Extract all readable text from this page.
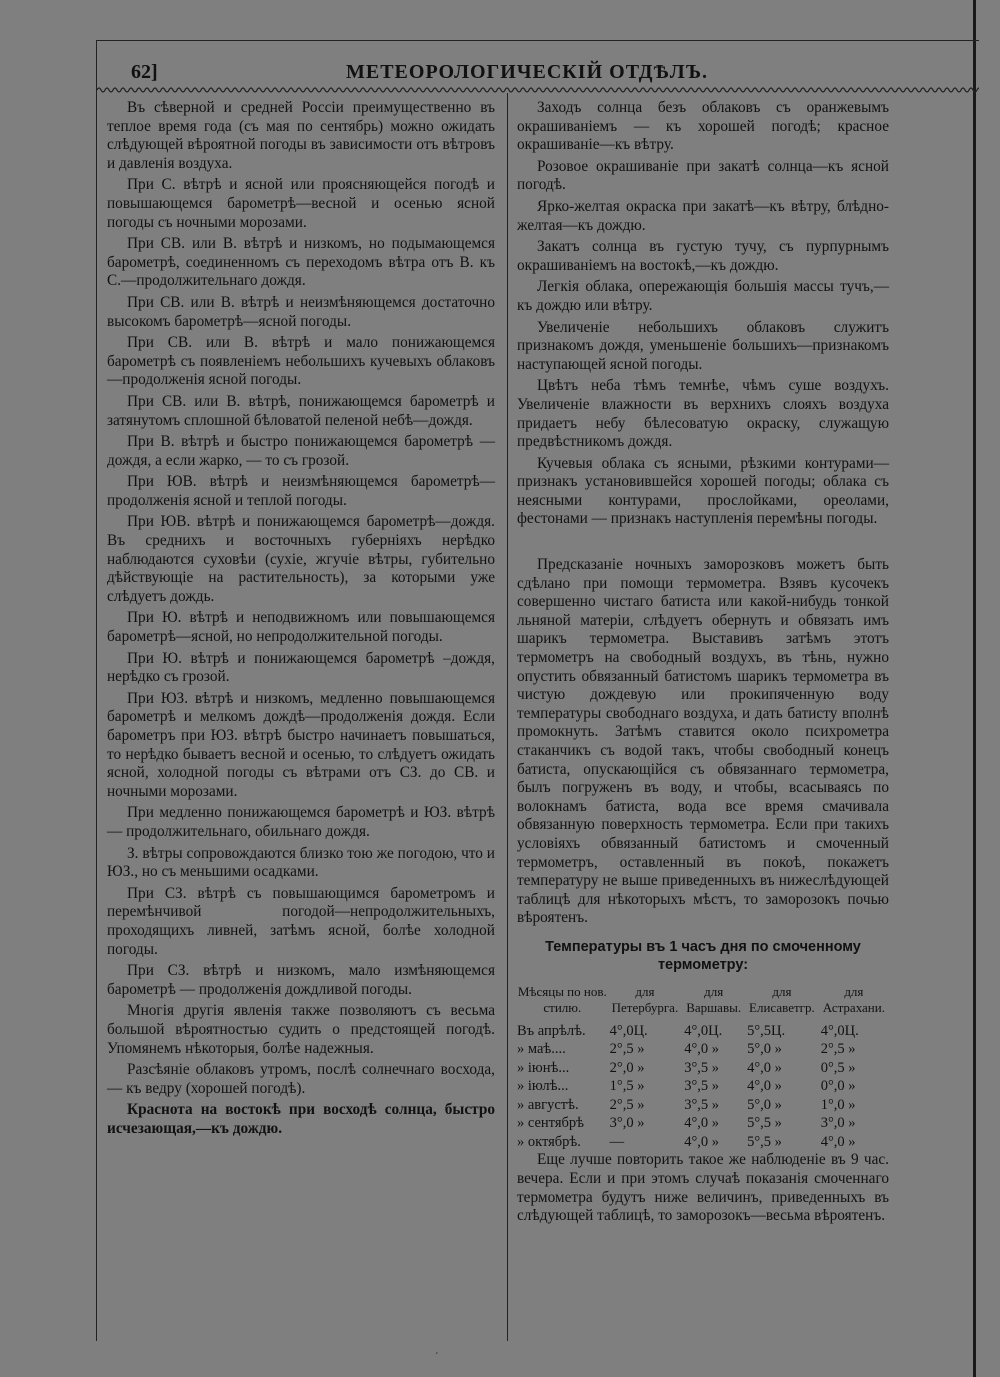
62]	МЕТЕОРОЛОГИЧЕСКІЙ ОТДѢЛЪ.

Въ сѣверной и средней Россіи преимущественно въ теплое время года (съ мая по сентябрь) можно ожидать слѣдующей вѣроятной погоды въ зависимости отъ вѣтровъ и давленія воздуха.

При С. вѣтрѣ и ясной или проясняющейся погодѣ и повышающемся барометрѣ—весной и осенью ясной погоды съ ночными морозами.

При СВ. или В. вѣтрѣ и низкомъ, но подымающемся барометрѣ, соединенномъ съ переходомъ вѣтра отъ В. къ С.—продолжительнаго дождя.

При СВ. или В. вѣтрѣ и неизмѣняющемся достаточно высокомъ барометрѣ—ясной погоды.

При СВ. или В. вѣтрѣ и мало понижающемся барометрѣ съ появленіемъ небольшихъ кучевыхъ облаковъ—продолженія ясной погоды.

При СВ. или В. вѣтрѣ, понижающемся барометрѣ и затянутомъ сплошной бѣловатой пеленой небѣ—дождя.

При В. вѣтрѣ и быстро понижающемся барометрѣ — дождя, а если жарко, — то съ грозой.

При ЮВ. вѣтрѣ и неизмѣняющемся барометрѣ—продолженія ясной и теплой погоды.

При ЮВ. вѣтрѣ и понижающемся барометрѣ—дождя. Въ среднихъ и восточныхъ губерніяхъ нерѣдко наблюдаются суховѣи (сухіе, жгучіе вѣтры, губительно дѣйствующіе на растительность), за которыми уже слѣдуетъ дождь.

При Ю. вѣтрѣ и неподвижномъ или повышающемся барометрѣ—ясной, но непродолжительной погоды.

При Ю. вѣтрѣ и понижающемся барометрѣ –дождя, нерѣдко съ грозой.

При ЮЗ. вѣтрѣ и низкомъ, медленно повышающемся барометрѣ и мелкомъ дождѣ—продолженія дождя. Если барометръ при ЮЗ. вѣтрѣ быстро начинаетъ повышаться, то нерѣдко бываетъ весной и осенью, то слѣдуетъ ожидать ясной, холодной погоды съ вѣтрами отъ СЗ. до СВ. и ночными морозами.

При медленно понижающемся барометрѣ и ЮЗ. вѣтрѣ — продолжительнаго, обильнаго дождя.

З. вѣтры сопровождаются близко тою же погодою, что и ЮЗ., но съ меньшими осадками.

При СЗ. вѣтрѣ съ повышающимся барометромъ и перемѣнчивой погодой—непродолжительныхъ, проходящихъ ливней, затѣмъ ясной, болѣе холодной погоды.

При СЗ. вѣтрѣ и низкомъ, мало измѣняющемся барометрѣ — продолженія дождливой погоды.

Многія другія явленія также позволяютъ съ весьма большой вѣроятностью судить о предстоящей погодѣ. Упомянемъ нѣкоторыя, болѣе надежныя.

Разсѣяніе облаковъ утромъ, послѣ солнечнаго восхода, — къ ведру (хорошей погодѣ).

Краснота на востокѣ при восходѣ солнца, быстро исчезающая,—къ дождю.

Заходъ солнца безъ облаковъ съ оранжевымъ окрашиваніемъ — къ хорошей погодѣ; красное окрашиваніе—къ вѣтру.

Розовое окрашиваніе при закатѣ солнца—къ ясной погодѣ.

Ярко-желтая окраска при закатѣ—къ вѣтру, блѣдно-желтая—къ дождю.

Закатъ солнца въ густую тучу, съ пурпурнымъ окрашиваніемъ на востокѣ,—къ дождю.

Легкія облака, опережающія большія массы тучъ,—къ дождю или вѣтру.

Увеличеніе небольшихъ облаковъ служитъ признакомъ дождя, уменьшеніе большихъ—признакомъ наступающей ясной погоды.

Цвѣтъ неба тѣмъ темнѣе, чѣмъ суше воздухъ. Увеличеніе влажности въ верхнихъ слояхъ воздуха придаетъ небу бѣлесоватую окраску, служащую предвѣстникомъ дождя.

Кучевыя облака съ ясными, рѣзкими контурами—признакъ установившейся хорошей погоды; облака съ неясными контурами, прослойками, ореолами, фестонами — признакъ наступленія перемѣны погоды.

Предсказаніе ночныхъ заморозковъ можетъ быть сдѣлано при помощи термометра. Взявъ кусочекъ совершенно чистаго батиста или какой-нибудь тонкой льняной матеріи, слѣдуетъ обернуть и обвязать имъ шарикъ термометра. Выставивъ затѣмъ этотъ термометръ на свободный воздухъ, въ тѣнь, нужно опустить обвязанный батистомъ шарикъ термометра въ чистую дождевую или прокипяченную воду температуры свободнаго воздуха, и дать батисту вполнѣ промокнуть. Затѣмъ ставится около психрометра стаканчикъ съ водой такъ, чтобы свободный конецъ батиста, опускающійся съ обвязаннаго термометра, былъ погруженъ въ воду, и чтобы, всасываясь по волокнамъ батиста, вода все время смачивала обвязанную поверхность термометра. Если при такихъ условіяхъ обвязанный батистомъ и смоченный термометръ, оставленный въ покоѣ, покажетъ температуру не выше приведенныхъ въ нижеслѣдующей таблицѣ для нѣкоторыхъ мѣстъ, то заморозокъ почью вѣроятенъ.

Температуры въ 1 часъ дня по смоченному термометру:
Мѣсяцы по нов. стилю.	для Петербурга.	для Варшавы.	для Елисаветгр.	для Астрахани.
Въ апрѣлѣ.	4°,0Ц.	4°,0Ц.	5°,5Ц.	4°,0Ц.
» маѣ....	2°,5 »	4°,0 »	5°,0 »	2°,5 »
» іюнѣ...	2°,0 »	3°,5 »	4°,0 »	0°,5 »
» іюлѣ...	1°,5 »	3°,5 »	4°,0 »	0°,0 »
» августѣ.	2°,5 »	3°,5 »	5°,0 »	1°,0 »
» сентябрѣ	3°,0 »	4°,0 »	5°,5 »	3°,0 »
» октябрѣ.	—	4°,0 »	5°,5 »	4°,0 »

Еще лучше повторить такое же наблюденіе въ 9 час. вечера. Если и при этомъ случаѣ показанія смоченнаго термометра будутъ ниже величинъ, приведенныхъ въ слѣдующей таблицѣ, то заморозокъ—весьма вѣроятенъ.

´
